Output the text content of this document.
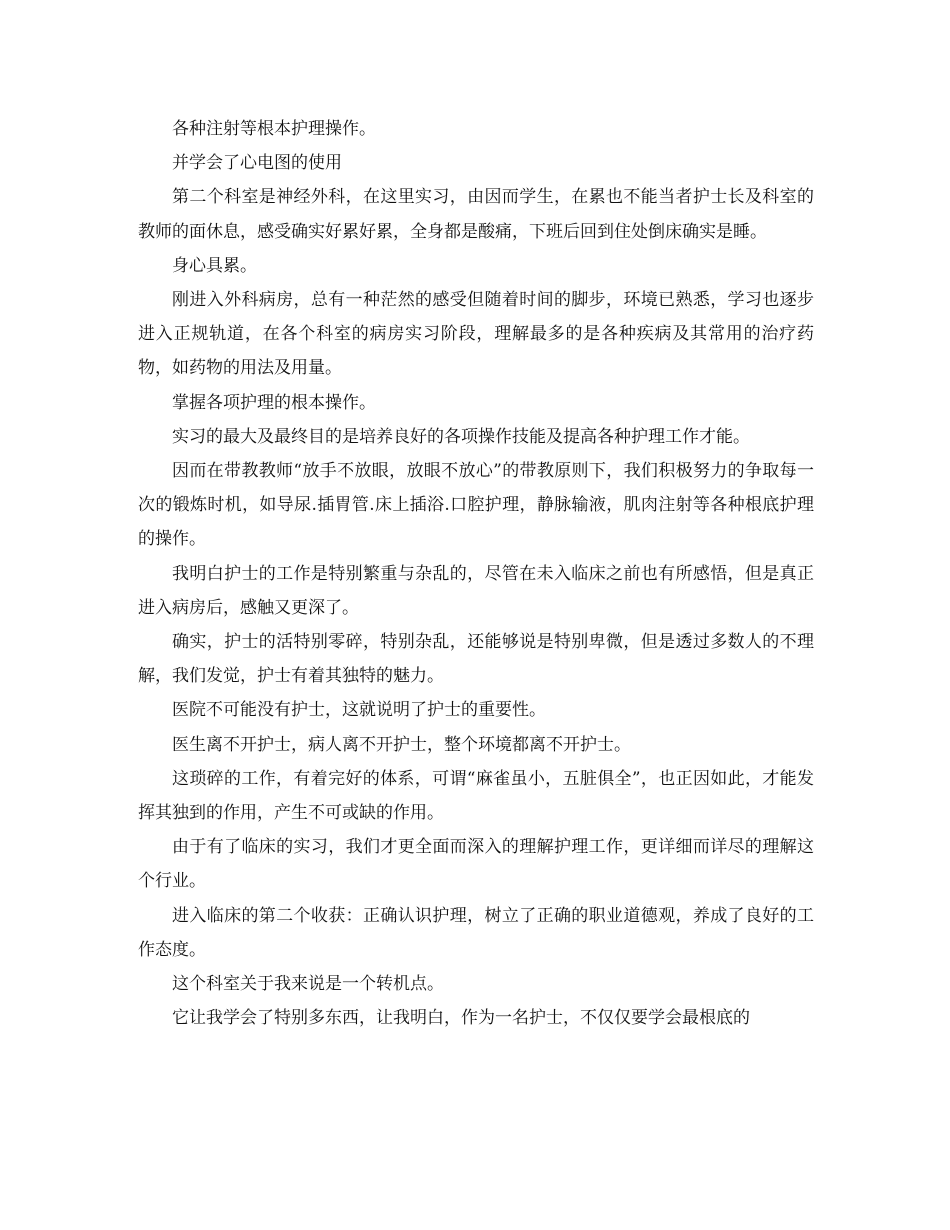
各种注射等根本护理操作。

并学会了心电图的使用

第二个科室是神经外科，在这里实习，由因而学生，在累也不能当者护士长及科室的教师的面休息，感受确实好累好累，全身都是酸痛，下班后回到住处倒床确实是睡。

身心具累。

刚进入外科病房，总有一种茫然的感受但随着时间的脚步，环境已熟悉，学习也逐步进入正规轨道，在各个科室的病房实习阶段，理解最多的是各种疾病及其常用的治疗药物，如药物的用法及用量。

掌握各项护理的根本操作。

实习的最大及最终目的是培养良好的各项操作技能及提高各种护理工作才能。

因而在带教教师“放手不放眼，放眼不放心”的带教原则下，我们积极努力的争取每一次的锻炼时机，如导尿.插胃管.床上插浴.口腔护理，静脉输液，肌肉注射等各种根底护理的操作。

我明白护士的工作是特别繁重与杂乱的，尽管在未入临床之前也有所感悟，但是真正进入病房后，感触又更深了。

确实，护士的活特别零碎，特别杂乱，还能够说是特别卑微，但是透过多数人的不理解，我们发觉，护士有着其独特的魅力。

医院不可能没有护士，这就说明了护士的重要性。

医生离不开护士，病人离不开护士，整个环境都离不开护士。

这琐碎的工作，有着完好的体系，可谓“麻雀虽小，五脏俱全”，也正因如此，才能发挥其独到的作用，产生不可或缺的作用。

由于有了临床的实习，我们才更全面而深入的理解护理工作，更详细而详尽的理解这个行业。

进入临床的第二个收获：正确认识护理，树立了正确的职业道德观，养成了良好的工作态度。

这个科室关于我来说是一个转机点。

它让我学会了特别多东西，让我明白，作为一名护士，不仅仅要学会最根底的
